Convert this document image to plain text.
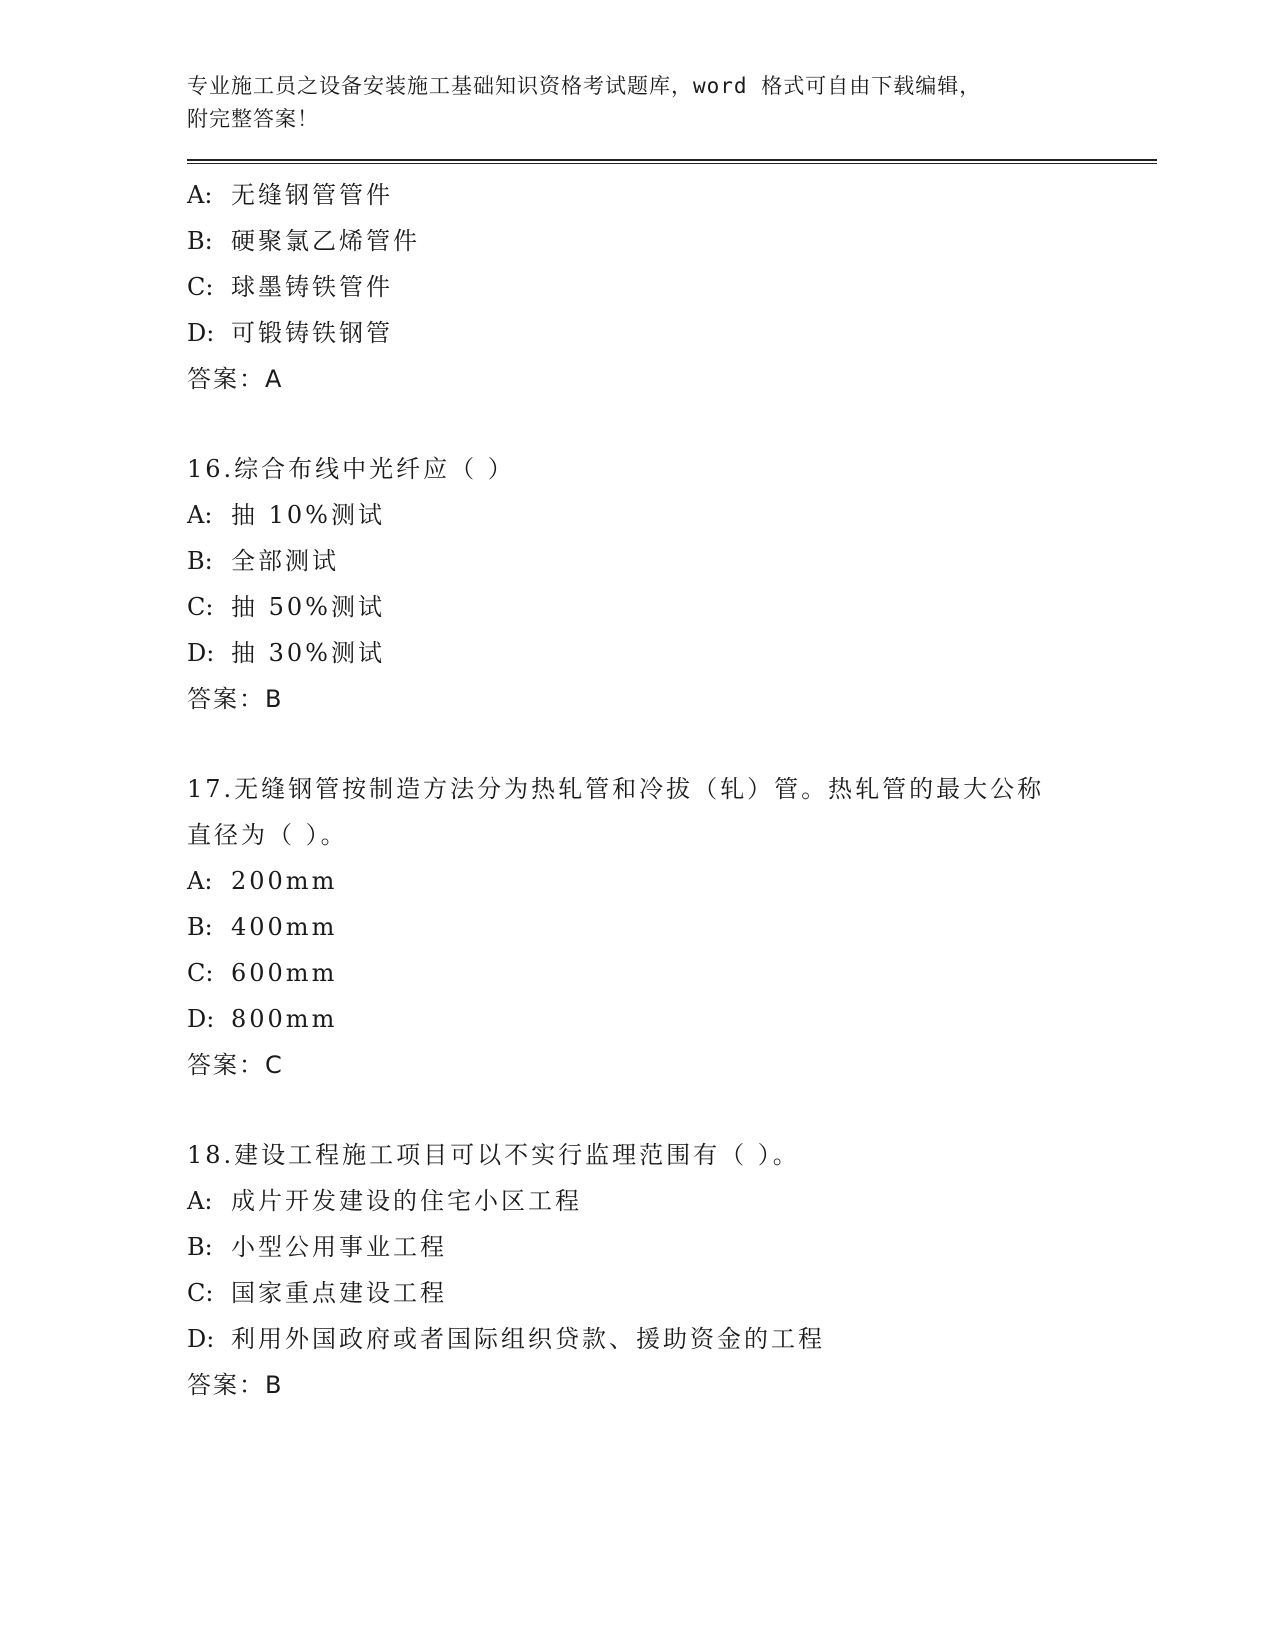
专业施工员之设备安装施工基础知识资格考试题库，word 格式可自由下载编辑，
附完整答案！

A: 无缝钢管管件
B: 硬聚氯乙烯管件
C: 球墨铸铁管件
D: 可锻铸铁钢管
答案：A
16.综合布线中光纤应（ ）
A: 抽 10%测试
B: 全部测试
C: 抽 50%测试
D: 抽 30%测试
答案：B
17.无缝钢管按制造方法分为热轧管和冷拔（轧）管。热轧管的最大公称直径为（ ）。
A: 200mm
B: 400mm
C: 600mm
D: 800mm
答案：C
18.建设工程施工项目可以不实行监理范围有（ ）。
A: 成片开发建设的住宅小区工程
B: 小型公用事业工程
C: 国家重点建设工程
D: 利用外国政府或者国际组织贷款、援助资金的工程
答案：B
